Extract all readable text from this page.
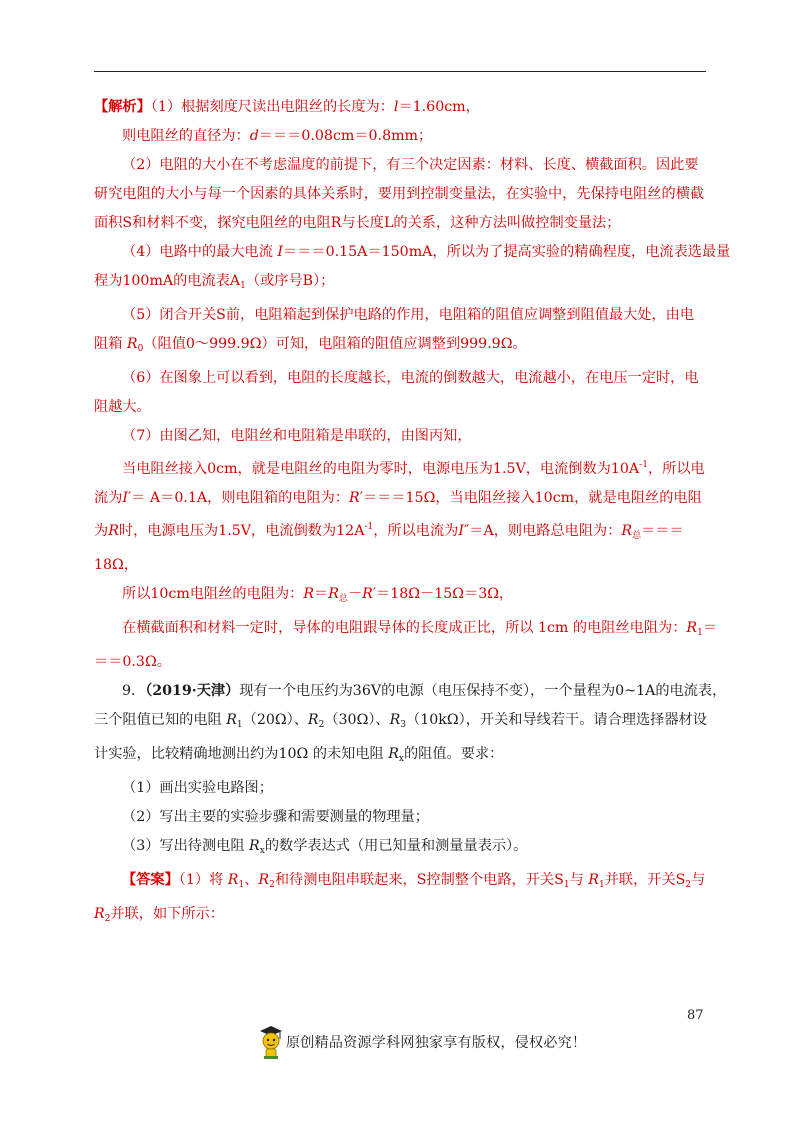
【解析】（1）根据刻度尺读出电阻丝的长度为：l＝1.60cm，

则电阻丝的直径为：d＝＝＝0.08cm＝0.8mm；

（2）电阻的大小在不考虑温度的前提下，有三个决定因素：材料、长度、横截面积。因此要

研究电阻的大小与每一个因素的具体关系时，要用到控制变量法，在实验中，先保持电阻丝的横截

面积S和材料不变，探究电阻丝的电阻R与长度L的关系，这种方法叫做控制变量法；

（4）电路中的最大电流 I＝＝＝0.15A＝150mA，所以为了提高实验的精确程度，电流表选最量

程为100mA的电流表$A_1$（或序号B）；

（5）闭合开关S前，电阻箱起到保护电路的作用，电阻箱的阻值应调整到阻值最大处，由电

阻箱 $R_0$（阻值0～999.9Ω）可知，电阻箱的阻值应调整到999.9Ω。

（6）在图象上可以看到，电阻的长度越长，电流的倒数越大，电流越小，在电压一定时，电

阻越大。

（7）由图乙知，电阻丝和电阻箱是串联的，由图丙知，

当电阻丝接入0cm，就是电阻丝的电阻为零时，电源电压为1.5V，电流倒数为$10A^{-1}$，所以电

流为I′＝ A＝0.1A，则电阻箱的电阻为：R′＝＝＝15Ω，当电阻丝接入10cm，就是电阻丝的电阻

为R时，电源电压为1.5V，电流倒数为$12A^{-1}$，所以电流为I″＝A，则电路总电阻为：$R_总===$

18Ω，

所以10cm电阻丝的电阻为：$R=R_总-R'=18\Omega-15\Omega=3\Omega$，

在横截面积和材料一定时，导体的电阻跟导体的长度成正比，所以 1cm 的电阻丝电阻为：$R_1=$

＝＝0.3Ω。

9．（2019·天津）现有一个电压约为36V的电源（电压保持不变），一个量程为0~1A的电流表，

三个阻值已知的电阻 $R_1(20\Omega)$、$R_2(30\Omega)$、$R_3(10k\Omega)$，开关和导线若干。请合理选择器材设

计实验，比较精确地测出约为10Ω 的未知电阻 $R_x$的阻值。要求：

（1）画出实验电路图；

（2）写出主要的实验步骤和需要测量的物理量；

（3）写出待测电阻 $R_x$的数学表达式（用已知量和测量量表示）。

【答案】（1）将 $R_1$、$R_2$和待测电阻串联起来，S控制整个电路，开关$S_1$与 $R_1$并联，开关$S_2$与

$R_2$并联，如下所示：

87
原创精品资源学科网独家享有版权，侵权必究！
